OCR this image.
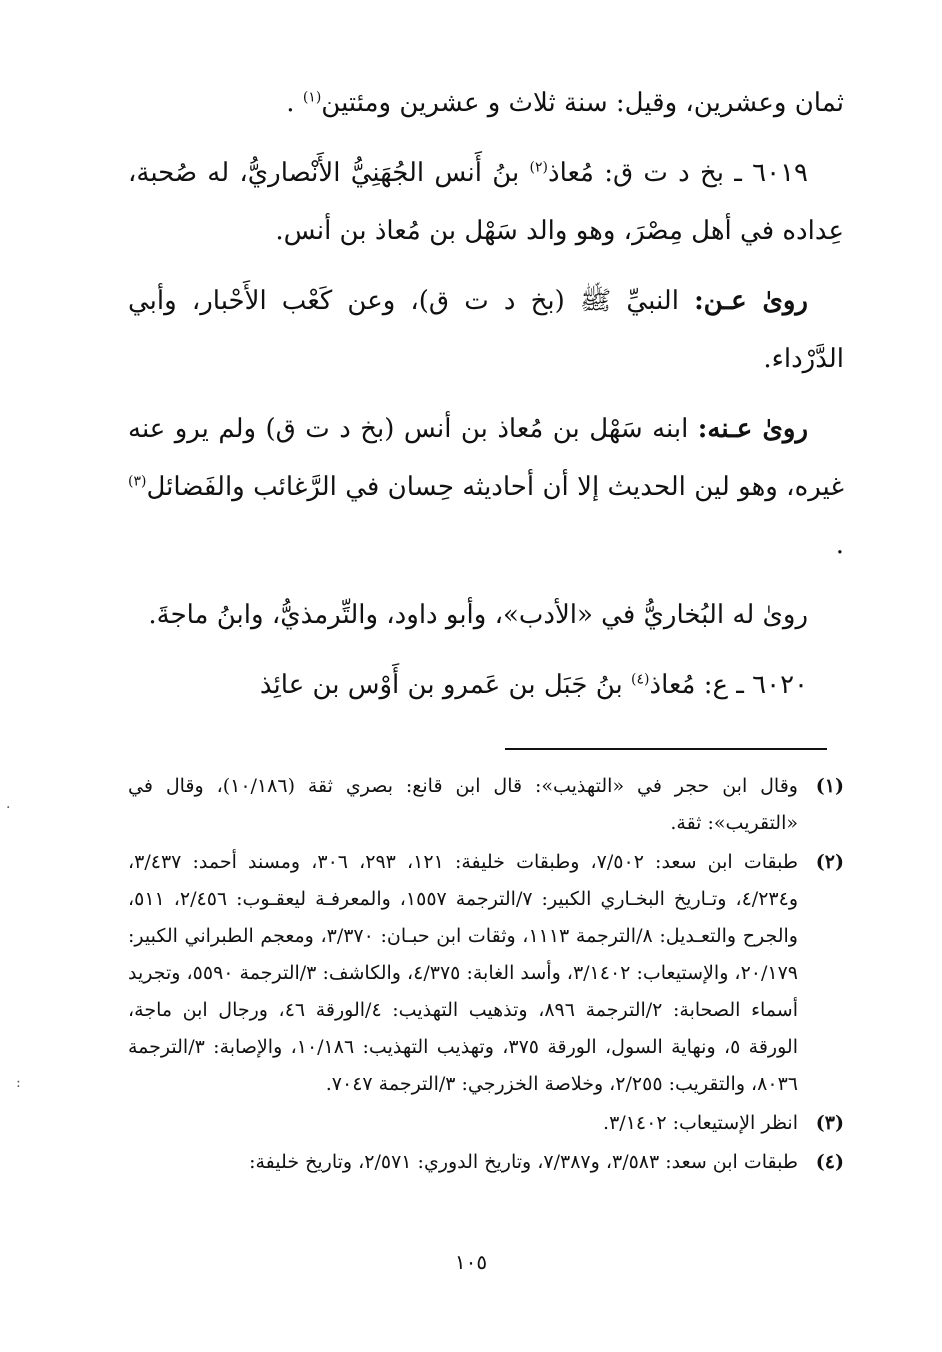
ثمان وعشرين، وقيل: سنة ثلاث و عشرين ومئتين$^{(١)}$ .

٦٠١٩ ـ بخ د ت ق: مُعاذ$^{(٢)}$ بنُ أَنس الجُهَنِيُّ الأَنْصاريُّ، له صُحبة، عِداده في أهل مِصْرَ، وهو والد سَهْل بن مُعاذ بن أنس.

روىٰ عـن: النبيِّ ﷺ (بخ د ت ق)، وعن كَعْب الأَحْبار، وأبي الدَّرْداء.

روىٰ عـنه: ابنه سَهْل بن مُعاذ بن أنس (بخ د ت ق) ولم يرو عنه غيره، وهو لين الحديث إلا أن أحاديثه حِسان في الرَّغائب والفَضائل$^{(٣)}$ .

روىٰ له البُخاريُّ في «الأدب»، وأبو داود، والتِّرمذيُّ، وابنُ ماجةَ.

٦٠٢٠ ـ ع: مُعاذ$^{(٤)}$ بنُ جَبَل بن عَمرو بن أَوْس بن عائِذ

(١)
وقال ابن حجر في «التهذيب»: قال ابن قانع: بصري ثقة (١٠/١٨٦)، وقال في «التقريب»: ثقة.
(٢)
طبقات ابن سعد: ٧/٥٠٢، وطبقات خليفة: ١٢١، ٢٩٣، ٣٠٦، ومسند أحمد: ٣/٤٣٧، و٤/٢٣٤، وتـاريخ البخـاري الكبير: ٧/الترجمة ١٥٥٧، والمعرفـة ليعقـوب: ٢/٤٥٦، ٥١١، والجرح والتعـديل: ٨/الترجمة ١١١٣، وثقات ابن حبـان: ٣/٣٧٠، ومعجم الطبراني الكبير: ٢٠/١٧٩، والإستيعاب: ٣/١٤٠٢، وأسد الغابة: ٤/٣٧٥، والكاشف: ٣/الترجمة ٥٥٩٠، وتجريد أسماء الصحابة: ٢/الترجمة ٨٩٦، وتذهيب التهذيب: ٤/الورقة ٤٦، ورجال ابن ماجة، الورقة ٥، ونهاية السول، الورقة ٣٧٥، وتهذيب التهذيب: ١٠/١٨٦، والإصابة: ٣/الترجمة ٨٠٣٦، والتقريب: ٢/٢٥٥، وخلاصة الخزرجي: ٣/الترجمة ٧٠٤٧.
(٣)
انظر الإستيعاب: ٣/١٤٠٢.
(٤)
طبقات ابن سعد: ٣/٥٨٣، و٧/٣٨٧، وتاريخ الدوري: ٢/٥٧١، وتاريخ خليفة:
١٠٥
·
:
